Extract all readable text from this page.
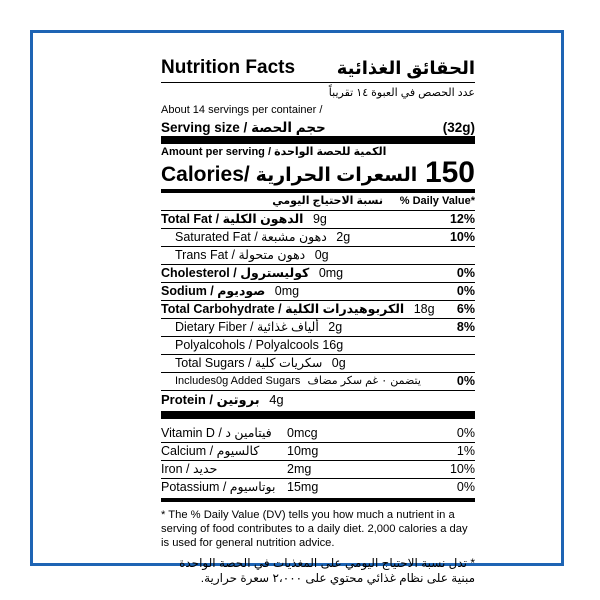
Nutrition Facts الحقائق الغذائية
عدد الحصص في العبوة ١٤ تقريباً
About 14 servings per container /
Serving size / حجم الحصة	(32g)
Amount per serving / الكمية للحصة الواحدة
Calories/ السعرات الحرارية 150
% Daily Value*
نسبة الاحتياج اليومي
Total Fat / الدهون الكلية 9g	12%
Saturated Fat / دهون مشبعة 2g	10%
Trans Fat / دهون متحولة 0g
Cholesterol / كوليسترول 0mg	0%
Sodium / صوديوم 0mg	0%
Total Carbohydrate / الكربوهيدرات الكلية 18g 6%
Dietary Fiber / ألياف غذائية 2g	8%
Polyalcohols / Polyalcools 16g
Total Sugars / سكريات كلية 0g
Includes0g Added Sugars يتضمن ٠ غم سكر مضاف	0%
Protein / بروتين 4g
Vitamin D / فيتامين د 0mcg	0%
Calcium / كالسيوم 10mg	1%
Iron / حديد	2mg	10%
Potassium / بوتاسيوم 15mg	0%
* The % Daily Value (DV) tells you how much a nutrient in a serving of food contributes to a daily diet. 2,000 calories a day is used for general nutrition advice.
* تدل نسبة الاحتياج اليومي على المغذيات في الحصة الواحدة مبنية على نظام غذائي محتوي على ٢،٠٠٠ سعرة حرارية.
